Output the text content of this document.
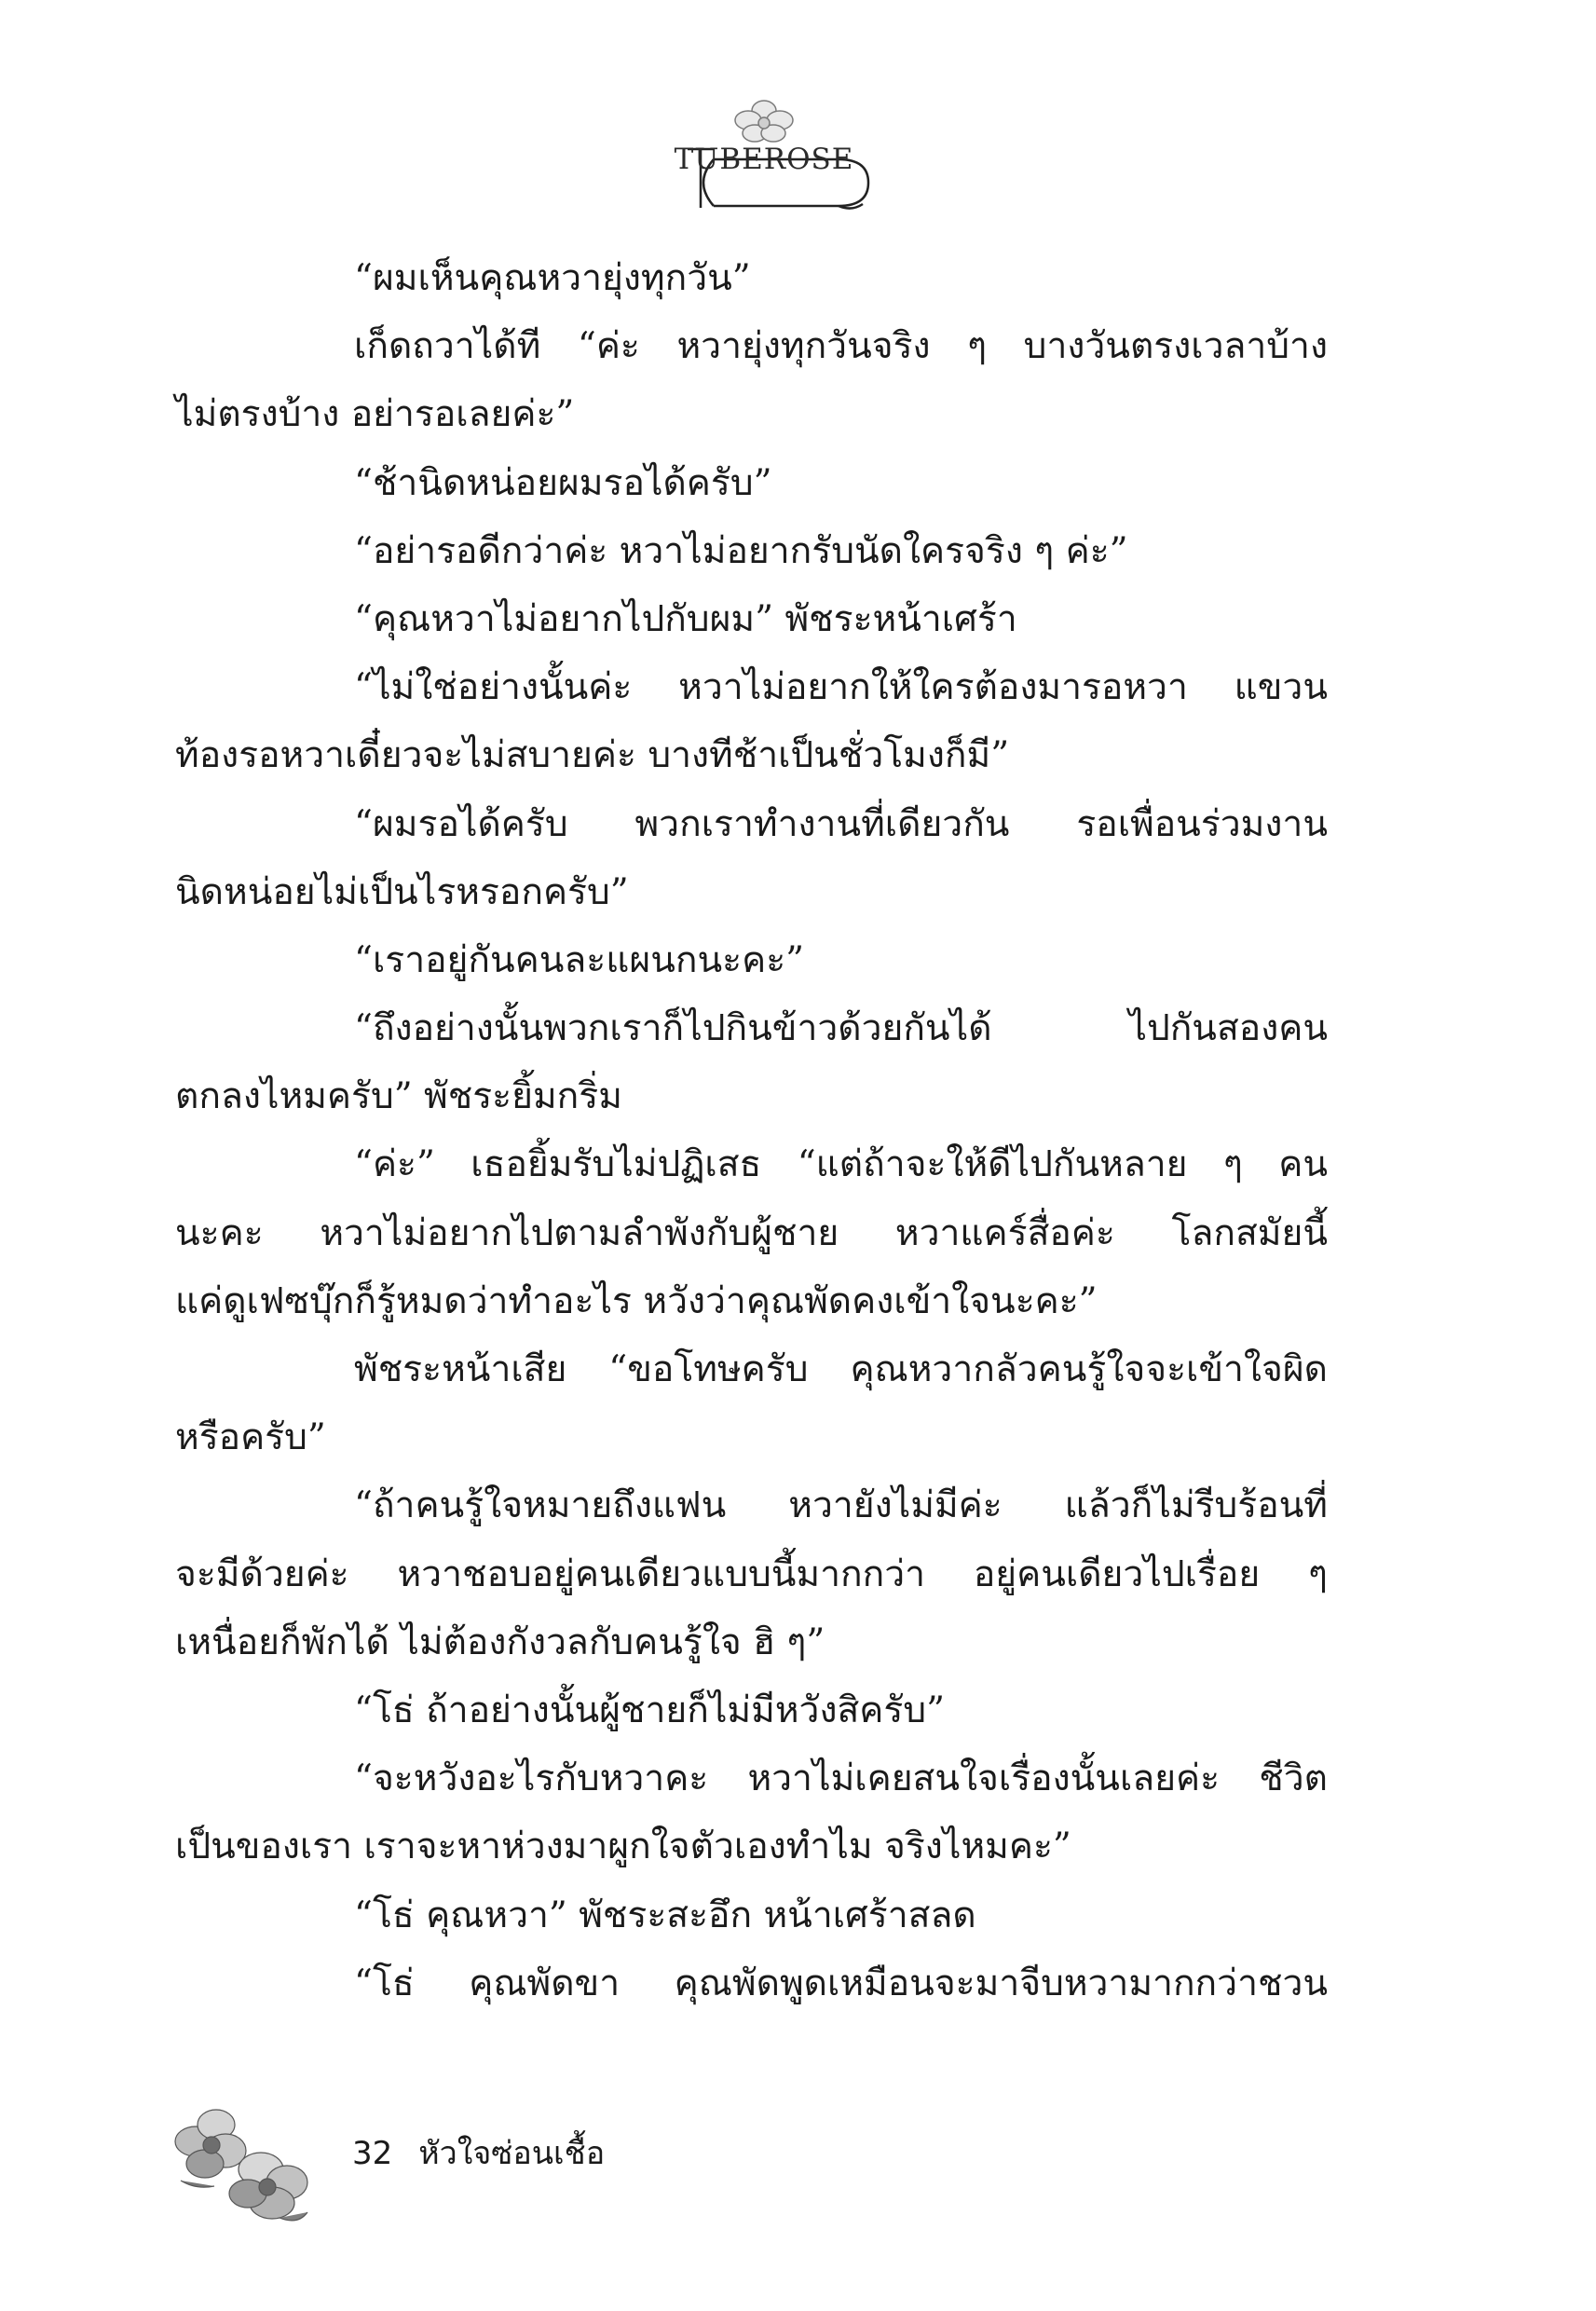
TUBEROSE
“ผมเห็นคุณหวายุ่งทุกวัน”
เก็ดถวาได้ที “ค่ะ หวายุ่งทุกวันจริง ๆ บางวันตรงเวลาบ้าง
ไม่ตรงบ้าง อย่ารอเลยค่ะ”
“ช้านิดหน่อยผมรอได้ครับ”
“อย่ารอดีกว่าค่ะ หวาไม่อยากรับนัดใครจริง ๆ ค่ะ”
“คุณหวาไม่อยากไปกับผม” พัชระหน้าเศร้า
“ไม่ใช่อย่างนั้นค่ะ หวาไม่อยากให้ใครต้องมารอหวา แขวน
ท้องรอหวาเดี๋ยวจะไม่สบายค่ะ บางทีช้าเป็นชั่วโมงก็มี”
“ผมรอได้ครับ พวกเราทำงานที่เดียวกัน รอเพื่อนร่วมงาน
นิดหน่อยไม่เป็นไรหรอกครับ”
“เราอยู่กันคนละแผนกนะคะ”
“ถึงอย่างนั้นพวกเราก็ไปกินข้าวด้วยกันได้ ไปกันสองคน
ตกลงไหมครับ” พัชระยิ้มกริ่ม
“ค่ะ” เธอยิ้มรับไม่ปฏิเสธ “แต่ถ้าจะให้ดีไปกันหลาย ๆ คน
นะคะ หวาไม่อยากไปตามลำพังกับผู้ชาย หวาแคร์สื่อค่ะ โลกสมัยนี้
แค่ดูเฟซบุ๊กก็รู้หมดว่าทำอะไร หวังว่าคุณพัดคงเข้าใจนะคะ”
พัชระหน้าเสีย “ขอโทษครับ คุณหวากลัวคนรู้ใจจะเข้าใจผิด
หรือครับ”
“ถ้าคนรู้ใจหมายถึงแฟน หวายังไม่มีค่ะ แล้วก็ไม่รีบร้อนที่
จะมีด้วยค่ะ หวาชอบอยู่คนเดียวแบบนี้มากกว่า อยู่คนเดียวไปเรื่อย ๆ
เหนื่อยก็พักได้ ไม่ต้องกังวลกับคนรู้ใจ ฮิ ๆ”
“โธ่ ถ้าอย่างนั้นผู้ชายก็ไม่มีหวังสิครับ”
“จะหวังอะไรกับหวาคะ หวาไม่เคยสนใจเรื่องนั้นเลยค่ะ ชีวิต
เป็นของเรา เราจะหาห่วงมาผูกใจตัวเองทำไม จริงไหมคะ”
“โธ่ คุณหวา” พัชระสะอึก หน้าเศร้าสลด
“โธ่ คุณพัดขา คุณพัดพูดเหมือนจะมาจีบหวามากกว่าชวน
32 หัวใจซ่อนเชื้อ
